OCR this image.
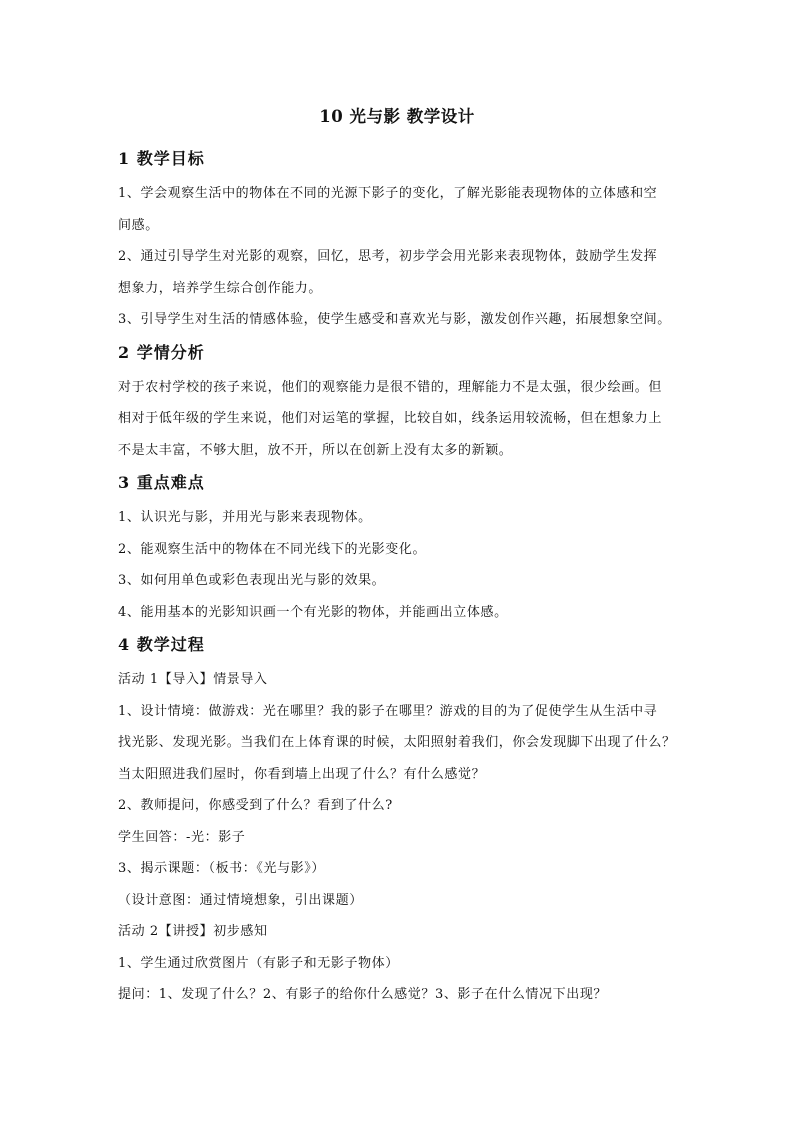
10 光与影 教学设计
1 教学目标

1、学会观察生活中的物体在不同的光源下影子的变化，了解光影能表现物体的立体感和空

间感。

2、通过引导学生对光影的观察，回忆，思考，初步学会用光影来表现物体，鼓励学生发挥

想象力，培养学生综合创作能力。

3、引导学生对生活的情感体验，使学生感受和喜欢光与影，激发创作兴趣，拓展想象空间。

2 学情分析

对于农村学校的孩子来说，他们的观察能力是很不错的，理解能力不是太强，很少绘画。但

相对于低年级的学生来说，他们对运笔的掌握，比较自如，线条运用较流畅，但在想象力上

不是太丰富，不够大胆，放不开，所以在创新上没有太多的新颖。

3 重点难点

1、认识光与影，并用光与影来表现物体。

2、能观察生活中的物体在不同光线下的光影变化。

3、如何用单色或彩色表现出光与影的效果。

4、能用基本的光影知识画一个有光影的物体，并能画出立体感。

4 教学过程

活动 1【导入】情景导入

1、设计情境：做游戏：光在哪里？我的影子在哪里？游戏的目的为了促使学生从生活中寻

找光影、发现光影。当我们在上体育课的时候，太阳照射着我们，你会发现脚下出现了什么？

当太阳照进我们屋时，你看到墙上出现了什么？有什么感觉？

2、教师提问，你感受到了什么？看到了什么?

学生回答：-光：影子

3、揭示课题：（板书：《光与影》）

（设计意图：通过情境想象，引出课题）

活动 2【讲授】初步感知

1、学生通过欣赏图片（有影子和无影子物体）

提问：1、发现了什么？2、有影子的给你什么感觉？3、影子在什么情况下出现？
